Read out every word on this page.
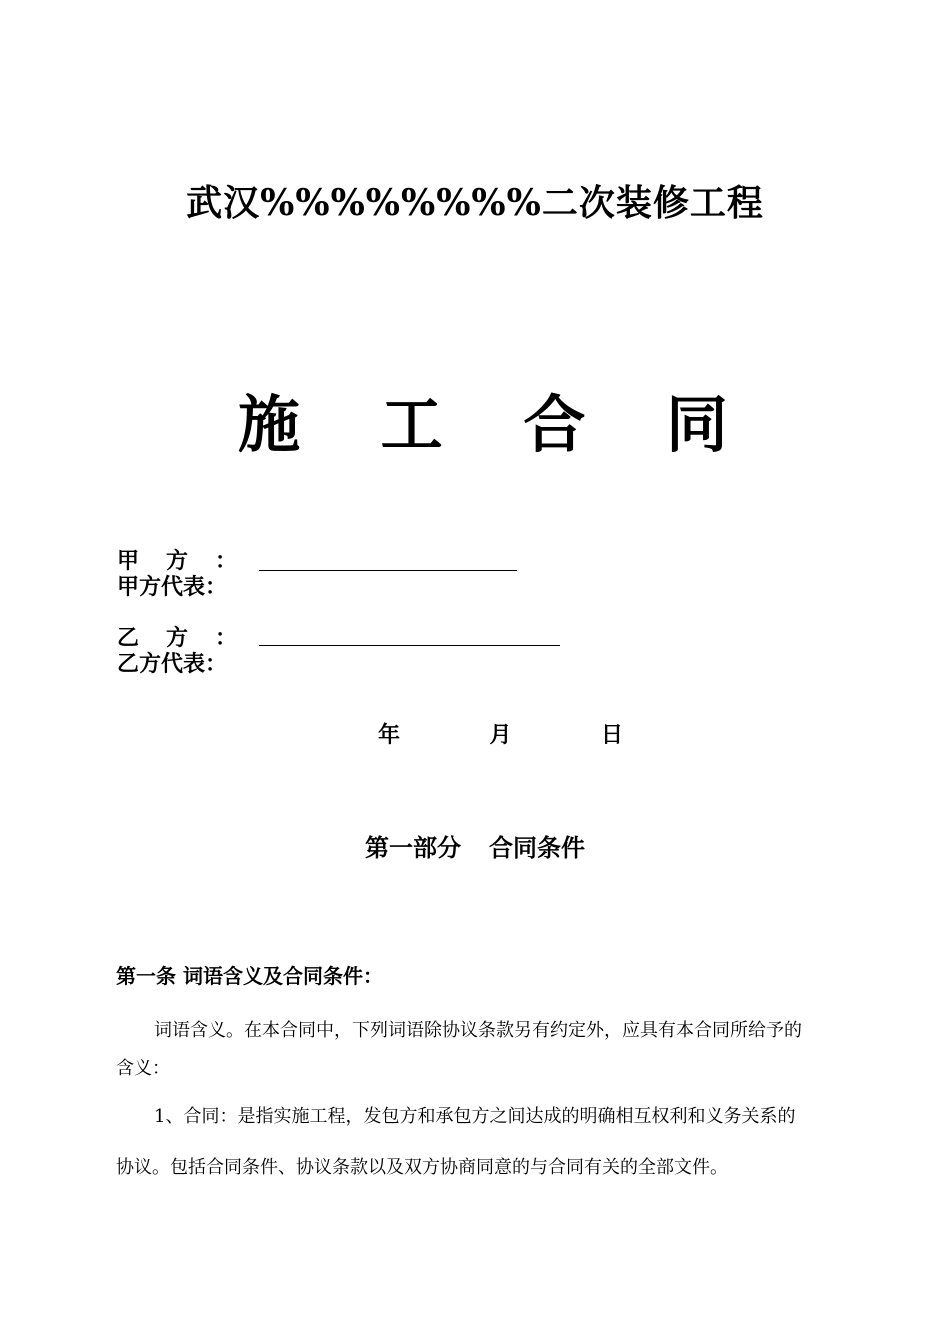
武汉%%%%%%%%二次装修工程
施 工 合 同
甲方：
甲方代表：
乙方：
乙方代表：
年	月	日
第一部分 合同条件
第一条 词语含义及合同条件：
词语含义。在本合同中，下列词语除协议条款另有约定外，应具有本合同所给予的
含义：
1、合同：是指实施工程，发包方和承包方之间达成的明确相互权利和义务关系的
协议。包括合同条件、协议条款以及双方协商同意的与合同有关的全部文件。
